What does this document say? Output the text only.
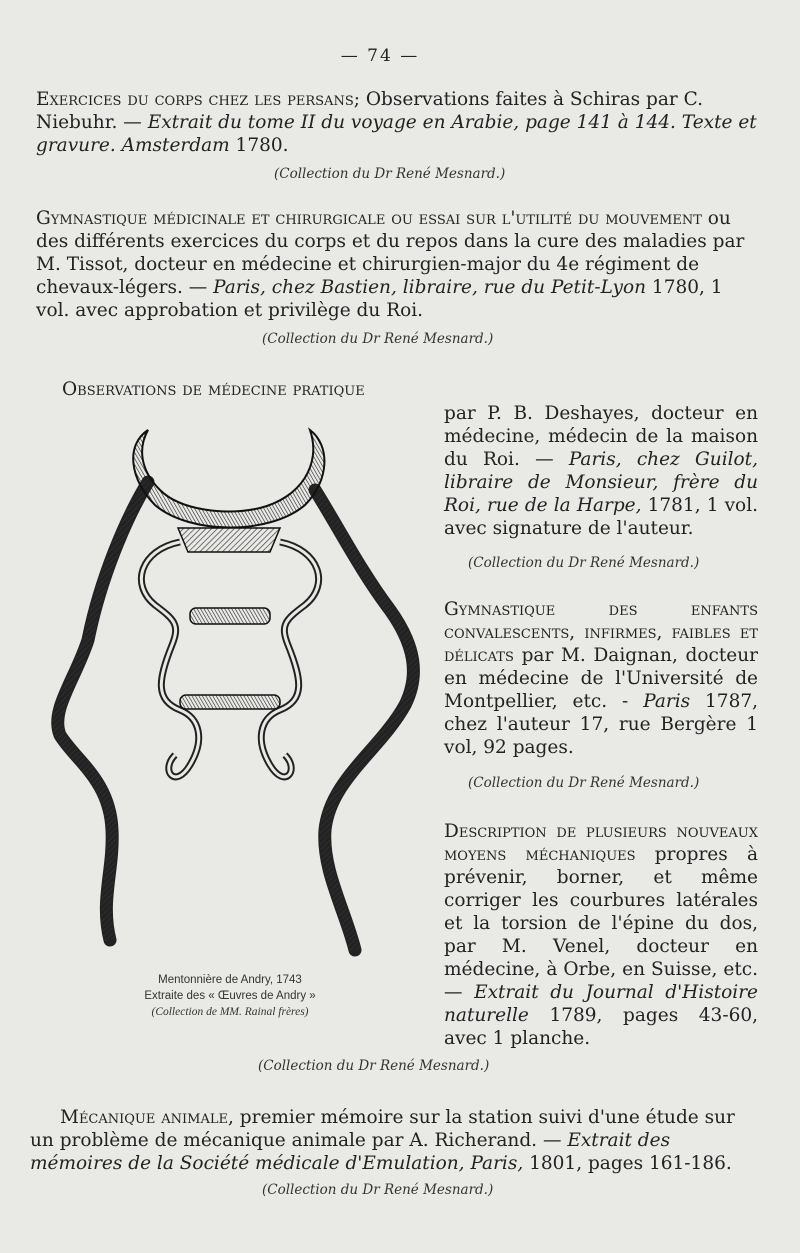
— 74 —
Exercices du corps chez les persans; Observations faites à Schiras par C. Niebuhr. — Extrait du tome II du voyage en Arabie, page 141 à 144. Texte et gravure. Amsterdam 1780.
(Collection du Dr René Mesnard.)
Gymnastique médicinale et chirurgicale ou essai sur l'utilité du mouvement ou des différents exercices du corps et du repos dans la cure des maladies par M. Tissot, docteur en médecine et chirurgien-major du 4e régiment de chevaux-légers. — Paris, chez Bastien, libraire, rue du Petit-Lyon 1780, 1 vol. avec approbation et privilège du Roi.
(Collection du Dr René Mesnard.)
Observations de médecine pratique
par P. B. Deshayes, docteur en médecine, médecin de la maison du Roi. — Paris, chez Guilot, libraire de Monsieur, frère du Roi, rue de la Harpe, 1781, 1 vol. avec signature de l'auteur.
(Collection du Dr René Mesnard.)
Gymnastique des enfants convalescents, infirmes, faibles et délicats par M. Daignan, docteur en médecine de l'Université de Montpellier, etc. - Paris 1787, chez l'auteur 17, rue Bergère 1 vol, 92 pages.
(Collection du Dr René Mesnard.)
Description de plusieurs nouveaux moyens méchaniques propres à prévenir, borner, et même corriger les courbures latérales et la torsion de l'épine du dos, par M. Venel, docteur en médecine, à Orbe, en Suisse, etc. — Extrait du Journal d'Histoire naturelle 1789, pages 43-60, avec 1 planche.
Mentonnière de Andry, 1743
Extraite des « Œuvres de Andry »
(Collection de MM. Rainal frères)
(Collection du Dr René Mesnard.)
Mécanique animale, premier mémoire sur la station suivi d'une étude sur un problème de mécanique animale par A. Richerand. — Extrait des mémoires de la Société médicale d'Emulation, Paris, 1801, pages 161-186.
(Collection du Dr René Mesnard.)
